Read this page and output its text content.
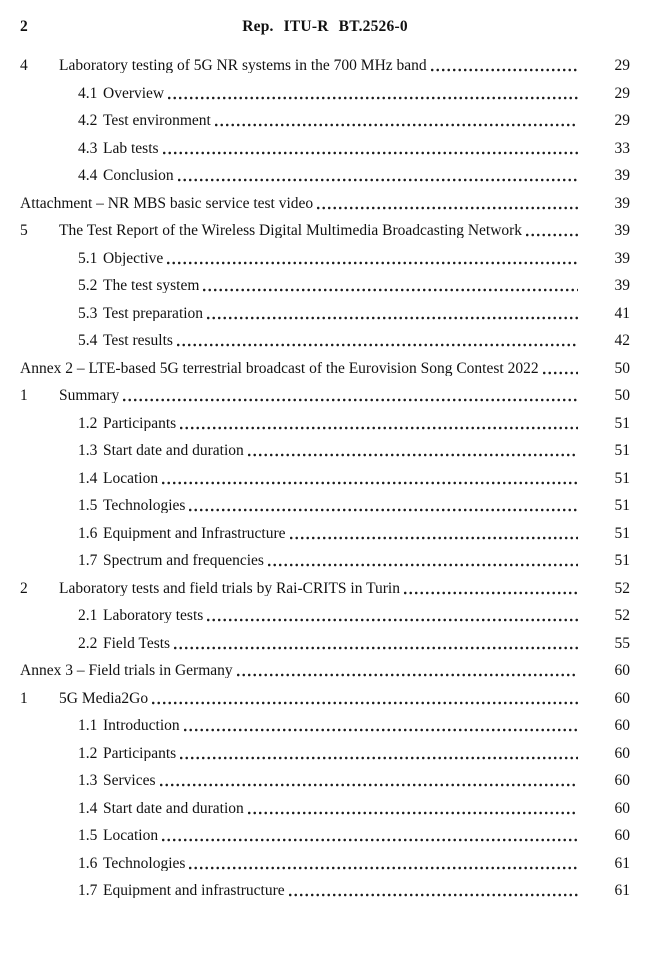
2	Rep. ITU-R BT.2526-0
4	Laboratory testing of 5G NR systems in the 700 MHz band	29
4.1 Overview	29
4.2 Test environment	29
4.3 Lab tests	33
4.4 Conclusion	39
Attachment – NR MBS basic service test video	39
5	The Test Report of the Wireless Digital Multimedia Broadcasting Network	39
5.1 Objective	39
5.2 The test system	39
5.3 Test preparation	41
5.4 Test results	42
Annex 2 – LTE-based 5G terrestrial broadcast of the Eurovision Song Contest 2022	50
1	Summary	50
1.2 Participants	51
1.3 Start date and duration	51
1.4 Location	51
1.5 Technologies	51
1.6 Equipment and Infrastructure	51
1.7 Spectrum and frequencies	51
2	Laboratory tests and field trials by Rai-CRITS in Turin	52
2.1 Laboratory tests	52
2.2 Field Tests	55
Annex 3 – Field trials in Germany	60
1	5G Media2Go	60
1.1 Introduction	60
1.2 Participants	60
1.3 Services	60
1.4 Start date and duration	60
1.5 Location	60
1.6 Technologies	61
1.7 Equipment and infrastructure	61
